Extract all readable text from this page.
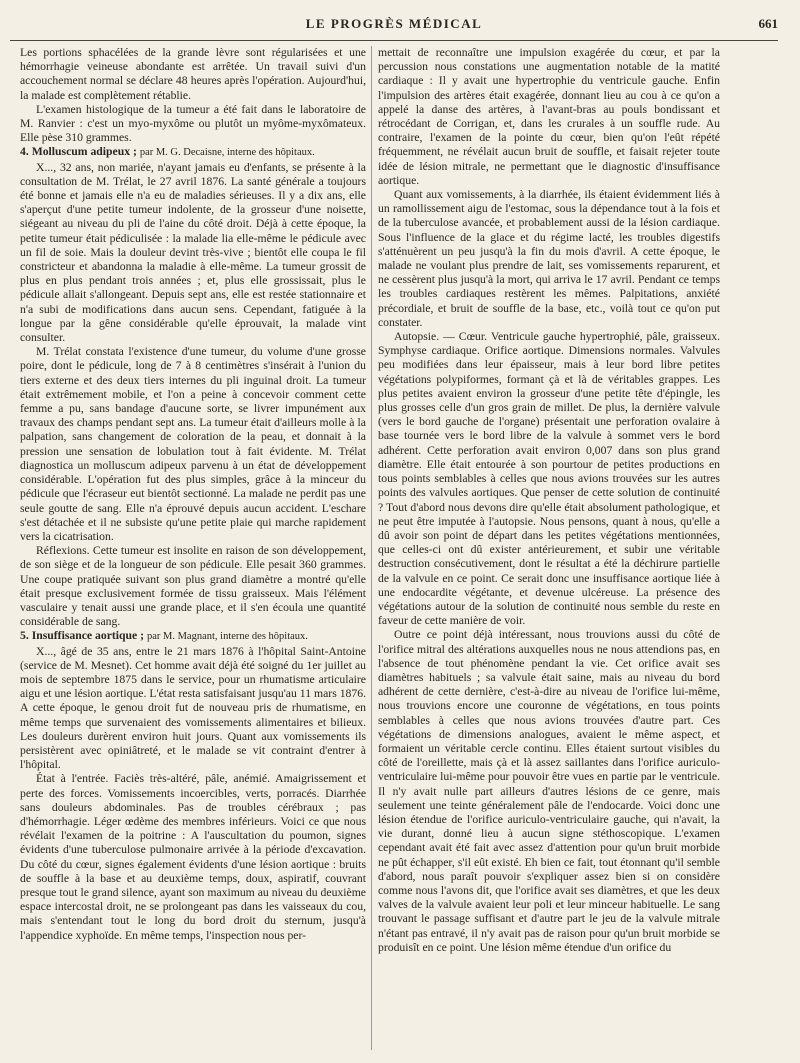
LE PROGRÈS MÉDICAL	661

Les portions sphacélées de la grande lèvre sont régularisées et une hémorrhagie veineuse abondante est arrêtée. Un travail suivi d'un accouchement normal se déclare 48 heures après l'opération. Aujourd'hui, la malade est complètement rétablie.

L'examen histologique de la tumeur a été fait dans le laboratoire de M. Ranvier : c'est un myo-myxôme ou plutôt un myôme-myxômateux. Elle pèse 310 grammes.

4. Molluscum adipeux ; par M. G. Decaisne, interne des hôpitaux.

X..., 32 ans, non mariée, n'ayant jamais eu d'enfants, se présente à la consultation de M. Trélat, le 27 avril 1876. La santé générale a toujours été bonne et jamais elle n'a eu de maladies sérieuses. Il y a dix ans, elle s'aperçut d'une petite tumeur indolente, de la grosseur d'une noisette, siégeant au niveau du pli de l'aine du côté droit. Déjà à cette époque, la petite tumeur était pédiculisée : la malade lia elle-même le pédicule avec un fil de soie. Mais la douleur devint très-vive ; bientôt elle coupa le fil constricteur et abandonna la maladie à elle-même. La tumeur grossit de plus en plus pendant trois années ; et, plus elle grossissait, plus le pédicule allait s'allongeant. Depuis sept ans, elle est restée stationnaire et n'a subi de modifications dans aucun sens. Cependant, fatiguée à la longue par la gêne considérable qu'elle éprouvait, la malade vint consulter.

M. Trélat constata l'existence d'une tumeur, du volume d'une grosse poire, dont le pédicule, long de 7 à 8 centimètres s'insérait à l'union du tiers externe et des deux tiers internes du pli inguinal droit. La tumeur était extrêmement mobile, et l'on a peine à concevoir comment cette femme a pu, sans bandage d'aucune sorte, se livrer impunément aux travaux des champs pendant sept ans. La tumeur était d'ailleurs molle à la palpation, sans changement de coloration de la peau, et donnait à la pression une sensation de lobulation tout à fait évidente. M. Trélat diagnostica un molluscum adipeux parvenu à un état de développement considérable. L'opération fut des plus simples, grâce à la minceur du pédicule que l'écraseur eut bientôt sectionné. La malade ne perdit pas une seule goutte de sang. Elle n'a éprouvé depuis aucun accident. L'eschare s'est détachée et il ne subsiste qu'une petite plaie qui marche rapidement vers la cicatrisation.

Réflexions. Cette tumeur est insolite en raison de son développement, de son siège et de la longueur de son pédicule. Elle pesait 360 grammes. Une coupe pratiquée suivant son plus grand diamètre a montré qu'elle était presque exclusivement formée de tissu graisseux. Mais l'élément vasculaire y tenait aussi une grande place, et il s'en écoula une quantité considérable de sang.

5. Insuffisance aortique ; par M. Magnant, interne des hôpitaux.

X..., âgé de 35 ans, entre le 21 mars 1876 à l'hôpital Saint-Antoine (service de M. Mesnet). Cet homme avait déjà été soigné du 1er juillet au mois de septembre 1875 dans le service, pour un rhumatisme articulaire aigu et une lésion aortique. L'état resta satisfaisant jusqu'au 11 mars 1876. A cette époque, le genou droit fut de nouveau pris de rhumatisme, en même temps que survenaient des vomissements alimentaires et bilieux. Les douleurs durèrent environ huit jours. Quant aux vomissements ils persistèrent avec opiniâtreté, et le malade se vit contraint d'entrer à l'hôpital.

État à l'entrée. Faciès très-altéré, pâle, anémié. Amaigrissement et perte des forces. Vomissements incoercibles, verts, porracés. Diarrhée sans douleurs abdominales. Pas de troubles cérébraux ; pas d'hémorrhagie. Léger œdème des membres inférieurs. Voici ce que nous révélait l'examen de la poitrine : A l'auscultation du poumon, signes évidents d'une tuberculose pulmonaire arrivée à la période d'excavation. Du côté du cœur, signes également évidents d'une lésion aortique : bruits de souffle à la base et au deuxième temps, doux, aspiratif, couvrant presque tout le grand silence, ayant son maximum au niveau du deuxième espace intercostal droit, ne se prolongeant pas dans les vaisseaux du cou, mais s'entendant tout le long du bord droit du sternum, jusqu'à l'appendice xyphoïde. En même temps, l'inspection nous per-

mettait de reconnaître une impulsion exagérée du cœur, et par la percussion nous constations une augmentation notable de la matité cardiaque : Il y avait une hypertrophie du ventricule gauche. Enfin l'impulsion des artères était exagérée, donnant lieu au cou à ce qu'on a appelé la danse des artères, à l'avant-bras au pouls bondissant et rétrocédant de Corrigan, et, dans les crurales à un souffle rude. Au contraire, l'examen de la pointe du cœur, bien qu'on l'eût répété fréquemment, ne révélait aucun bruit de souffle, et faisait rejeter toute idée de lésion mitrale, ne permettant que le diagnostic d'insuffisance aortique.

Quant aux vomissements, à la diarrhée, ils étaient évidemment liés à un ramollissement aigu de l'estomac, sous la dépendance tout à la fois et de la tuberculose avancée, et probablement aussi de la lésion cardiaque. Sous l'influence de la glace et du régime lacté, les troubles digestifs s'atténuèrent un peu jusqu'à la fin du mois d'avril. A cette époque, le malade ne voulant plus prendre de lait, ses vomissements reparurent, et ne cessèrent plus jusqu'à la mort, qui arriva le 17 avril. Pendant ce temps les troubles cardiaques restèrent les mêmes. Palpitations, anxiété précordiale, et bruit de souffle de la base, etc., voilà tout ce qu'on put constater.

Autopsie. — Cœur. Ventricule gauche hypertrophié, pâle, graisseux. Symphyse cardiaque. Orifice aortique. Dimensions normales. Valvules peu modifiées dans leur épaisseur, mais à leur bord libre petites végétations polypiformes, formant çà et là de véritables grappes. Les plus petites avaient environ la grosseur d'une petite tête d'épingle, les plus grosses celle d'un gros grain de millet. De plus, la dernière valvule (vers le bord gauche de l'organe) présentait une perforation ovalaire à base tournée vers le bord libre de la valvule à sommet vers le bord adhérent. Cette perforation avait environ 0,007 dans son plus grand diamètre. Elle était entourée à son pourtour de petites productions en tous points semblables à celles que nous avions trouvées sur les autres points des valvules aortiques. Que penser de cette solution de continuité ? Tout d'abord nous devons dire qu'elle était absolument pathologique, et ne peut être imputée à l'autopsie. Nous pensons, quant à nous, qu'elle a dû avoir son point de départ dans les petites végétations mentionnées, que celles-ci ont dû exister antérieurement, et subir une véritable destruction consécutivement, dont le résultat a été la déchirure partielle de la valvule en ce point. Ce serait donc une insuffisance aortique liée à une endocardite végétante, et devenue ulcéreuse. La présence des végétations autour de la solution de continuité nous semble du reste en faveur de cette manière de voir.

Outre ce point déjà intéressant, nous trouvions aussi du côté de l'orifice mitral des altérations auxquelles nous ne nous attendions pas, en l'absence de tout phénomène pendant la vie. Cet orifice avait ses diamètres habituels ; sa valvule était saine, mais au niveau du bord adhérent de cette dernière, c'est-à-dire au niveau de l'orifice lui-même, nous trouvions encore une couronne de végétations, en tous points semblables à celles que nous avions trouvées d'autre part. Ces végétations de dimensions analogues, avaient le même aspect, et formaient un véritable cercle continu. Elles étaient surtout visibles du côté de l'oreillette, mais çà et là assez saillantes dans l'orifice auriculo-ventriculaire lui-même pour pouvoir être vues en partie par le ventricule. Il n'y avait nulle part ailleurs d'autres lésions de ce genre, mais seulement une teinte généralement pâle de l'endocarde. Voici donc une lésion étendue de l'orifice auriculo-ventriculaire gauche, qui n'avait, la vie durant, donné lieu à aucun signe stéthoscopique. L'examen cependant avait été fait avec assez d'attention pour qu'un bruit morbide ne pût échapper, s'il eût existé. Eh bien ce fait, tout étonnant qu'il semble d'abord, nous paraît pouvoir s'expliquer assez bien si on considère comme nous l'avons dit, que l'orifice avait ses diamètres, et que les deux valves de la valvule avaient leur poli et leur minceur habituelle. Le sang trouvant le passage suffisant et d'autre part le jeu de la valvule mitrale n'étant pas entravé, il n'y avait pas de raison pour qu'un bruit morbide se produisît en ce point. Une lésion même étendue d'un orifice du
